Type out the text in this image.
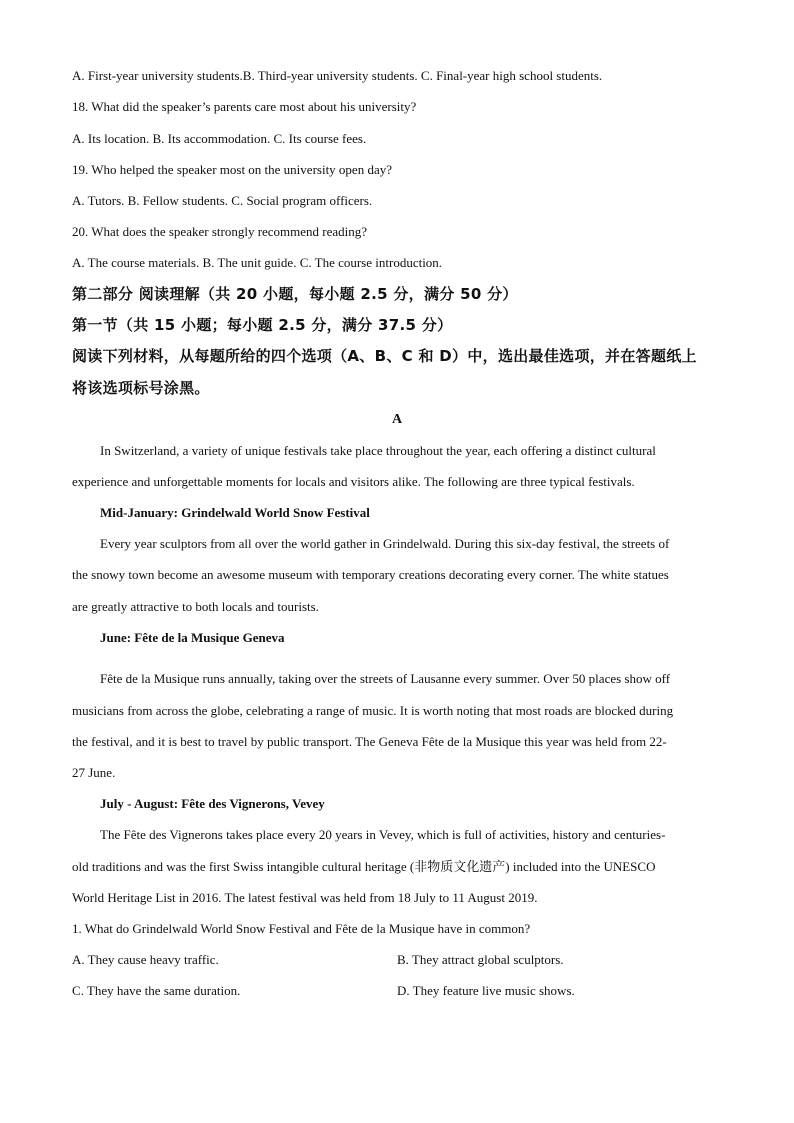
A. First-year university students.B. Third-year university students. C. Final-year high school students.
18. What did the speaker’s parents care most about his university?
A. Its location. B. Its accommodation. C. Its course fees.
19. Who helped the speaker most on the university open day?
A. Tutors. B. Fellow students. C. Social program officers.
20. What does the speaker strongly recommend reading?
A. The course materials. B. The unit guide. C. The course introduction.
第二部分 阅读理解（共 20 小题，每小题 2.5 分，满分 50 分）
第一节（共 15 小题；每小题 2.5 分，满分 37.5 分）
阅读下列材料，从每题所给的四个选项（A、B、C 和 D）中，选出最佳选项，并在答题纸上
将该选项标号涂黑。
A
In Switzerland, a variety of unique festivals take place throughout the year, each offering a distinct cultural
experience and unforgettable moments for locals and visitors alike. The following are three typical festivals.
Mid-January: Grindelwald World Snow Festival
Every year sculptors from all over the world gather in Grindelwald. During this six-day festival, the streets of
the snowy town become an awesome museum with temporary creations decorating every corner. The white statues
are greatly attractive to both locals and tourists.
June: Fête de la Musique Geneva
Fête de la Musique runs annually, taking over the streets of Lausanne every summer. Over 50 places show off
musicians from across the globe, celebrating a range of music. It is worth noting that most roads are blocked during
the festival, and it is best to travel by public transport. The Geneva Fête de la Musique this year was held from 22-
27 June.
July - August: Fête des Vignerons, Vevey
The Fête des Vignerons takes place every 20 years in Vevey, which is full of activities, history and centuries-
old traditions and was the first Swiss intangible cultural heritage (非物质文化遗产) included into the UNESCO
World Heritage List in 2016. The latest festival was held from 18 July to 11 August 2019.
1. What do Grindelwald World Snow Festival and Fête de la Musique have in common?
A. They cause heavy traffic.	B. They attract global sculptors.
C. They have the same duration.	D. They feature live music shows.
